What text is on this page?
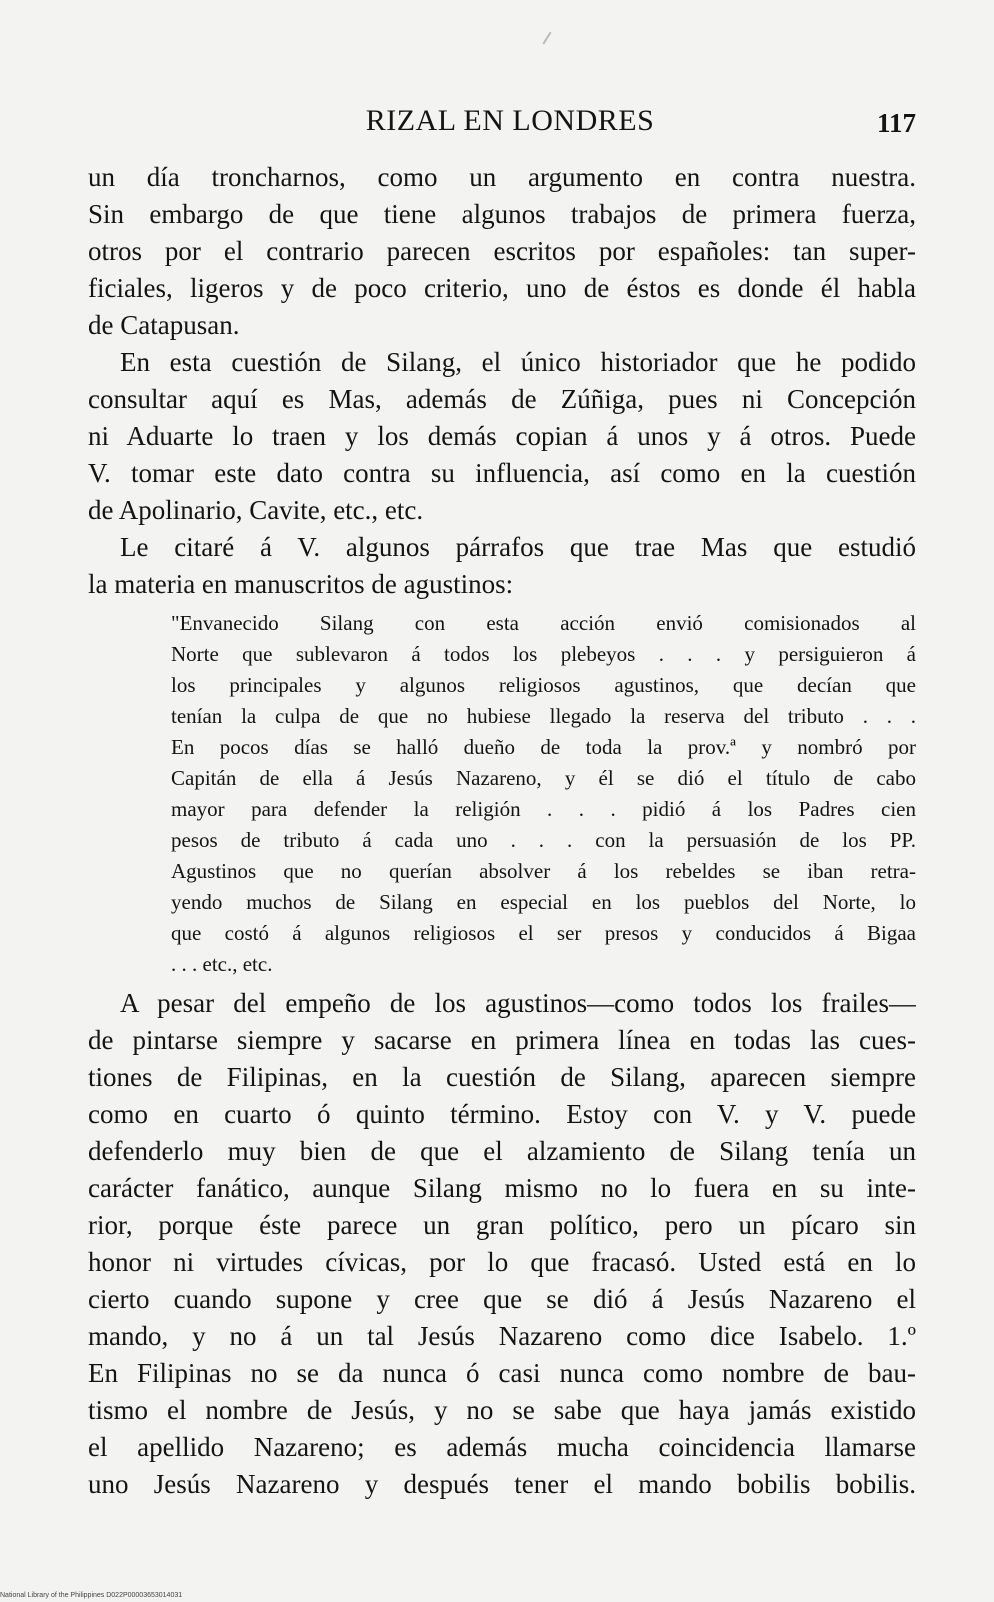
RIZAL EN LONDRES	117
un día troncharnos, como un argumento en contra nuestra.
Sin embargo de que tiene algunos trabajos de primera fuerza,
otros por el contrario parecen escritos por españoles: tan super-
ficiales, ligeros y de poco criterio, uno de éstos es donde él habla
de Catapusan.
En esta cuestión de Silang, el único historiador que he podido
consultar aquí es Mas, además de Zúñiga, pues ni Concepción
ni Aduarte lo traen y los demás copian á unos y á otros. Puede
V. tomar este dato contra su influencia, así como en la cuestión
de Apolinario, Cavite, etc., etc.
Le citaré á V. algunos párrafos que trae Mas que estudió
la materia en manuscritos de agustinos:
"Envanecido Silang con esta acción envió comisionados al
Norte que sublevaron á todos los plebeyos . . . y persiguieron á
los principales y algunos religiosos agustinos, que decían que
tenían la culpa de que no hubiese llegado la reserva del tributo . . .
En pocos días se halló dueño de toda la prov.ª y nombró por
Capitán de ella á Jesús Nazareno, y él se dió el título de cabo
mayor para defender la religión . . . pidió á los Padres cien
pesos de tributo á cada uno . . . con la persuasión de los PP.
Agustinos que no querían absolver á los rebeldes se iban retra-
yendo muchos de Silang en especial en los pueblos del Norte, lo
que costó á algunos religiosos el ser presos y conducidos á Bigaa
. . . etc., etc.
A pesar del empeño de los agustinos—como todos los frailes—
de pintarse siempre y sacarse en primera línea en todas las cues-
tiones de Filipinas, en la cuestión de Silang, aparecen siempre
como en cuarto ó quinto término. Estoy con V. y V. puede
defenderlo muy bien de que el alzamiento de Silang tenía un
carácter fanático, aunque Silang mismo no lo fuera en su inte-
rior, porque éste parece un gran político, pero un pícaro sin
honor ni virtudes cívicas, por lo que fracasó. Usted está en lo
cierto cuando supone y cree que se dió á Jesús Nazareno el
mando, y no á un tal Jesús Nazareno como dice Isabelo. 1.º
En Filipinas no se da nunca ó casi nunca como nombre de bau-
tismo el nombre de Jesús, y no se sabe que haya jamás existido
el apellido Nazareno; es además mucha coincidencia llamarse
uno Jesús Nazareno y después tener el mando bobilis bobilis.
National Library of the Philippines D022P00003653014031
